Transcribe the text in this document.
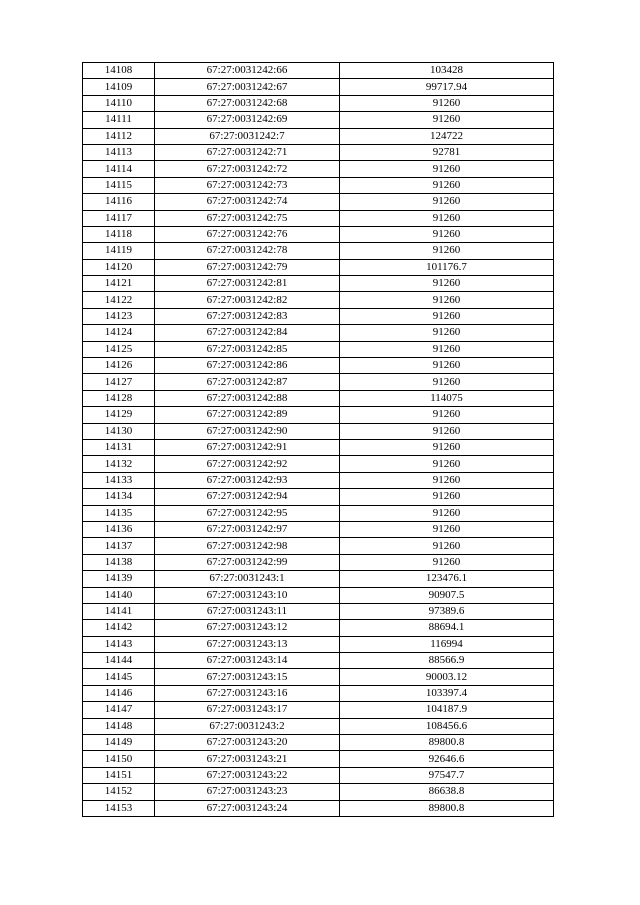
14108	67:27:0031242:66	103428
14109	67:27:0031242:67	99717.94
14110	67:27:0031242:68	91260
14111	67:27:0031242:69	91260
14112	67:27:0031242:7	124722
14113	67:27:0031242:71	92781
14114	67:27:0031242:72	91260
14115	67:27:0031242:73	91260
14116	67:27:0031242:74	91260
14117	67:27:0031242:75	91260
14118	67:27:0031242:76	91260
14119	67:27:0031242:78	91260
14120	67:27:0031242:79	101176.7
14121	67:27:0031242:81	91260
14122	67:27:0031242:82	91260
14123	67:27:0031242:83	91260
14124	67:27:0031242:84	91260
14125	67:27:0031242:85	91260
14126	67:27:0031242:86	91260
14127	67:27:0031242:87	91260
14128	67:27:0031242:88	114075
14129	67:27:0031242:89	91260
14130	67:27:0031242:90	91260
14131	67:27:0031242:91	91260
14132	67:27:0031242:92	91260
14133	67:27:0031242:93	91260
14134	67:27:0031242:94	91260
14135	67:27:0031242:95	91260
14136	67:27:0031242:97	91260
14137	67:27:0031242:98	91260
14138	67:27:0031242:99	91260
14139	67:27:0031243:1	123476.1
14140	67:27:0031243:10	90907.5
14141	67:27:0031243:11	97389.6
14142	67:27:0031243:12	88694.1
14143	67:27:0031243:13	116994
14144	67:27:0031243:14	88566.9
14145	67:27:0031243:15	90003.12
14146	67:27:0031243:16	103397.4
14147	67:27:0031243:17	104187.9
14148	67:27:0031243:2	108456.6
14149	67:27:0031243:20	89800.8
14150	67:27:0031243:21	92646.6
14151	67:27:0031243:22	97547.7
14152	67:27:0031243:23	86638.8
14153	67:27:0031243:24	89800.8
